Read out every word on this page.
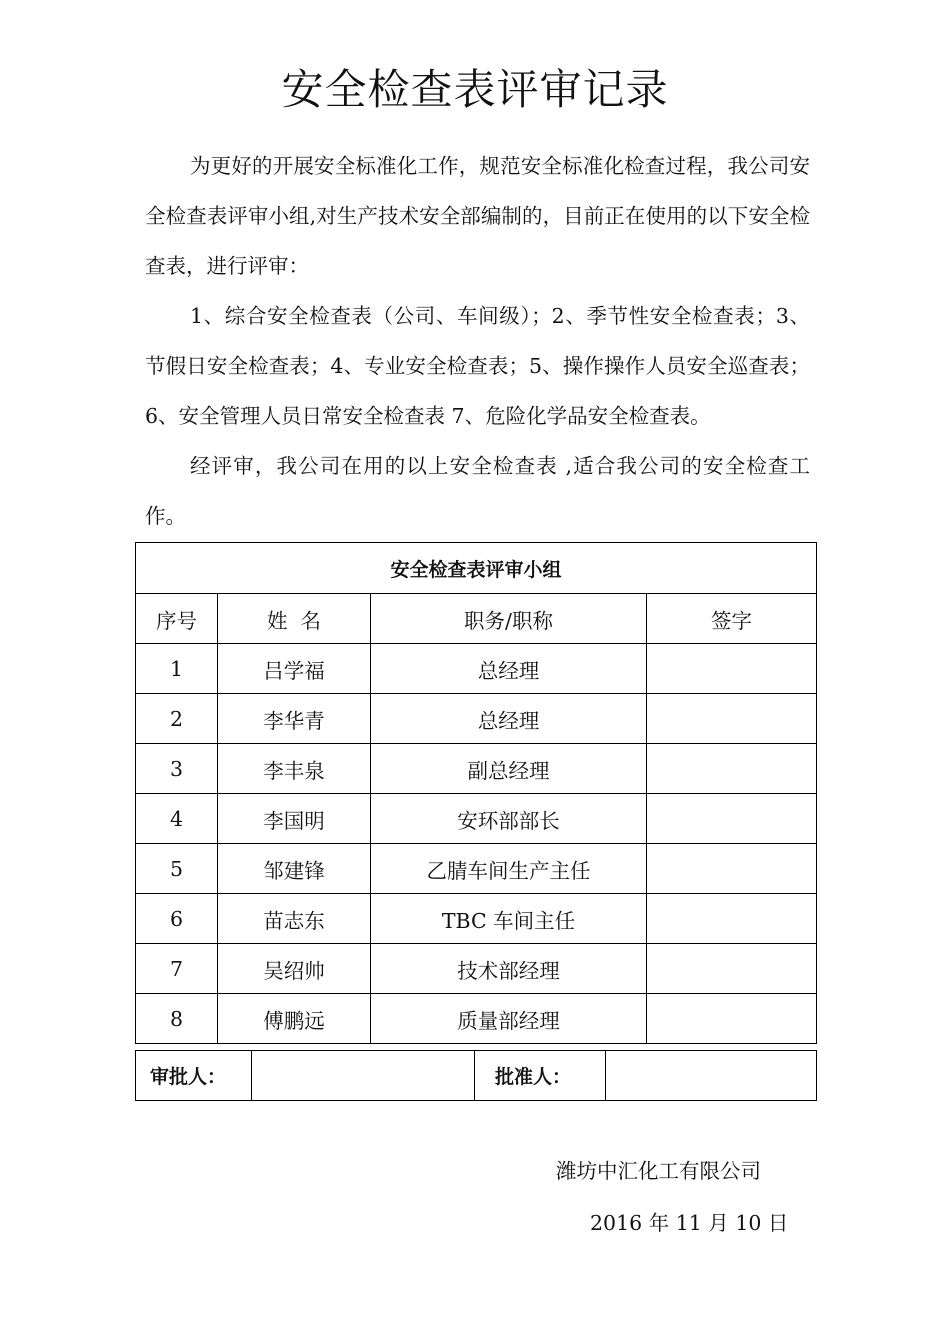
安全检查表评审记录

为更好的开展安全标准化工作，规范安全标准化检查过程，我公司安全检查表评审小组,对生产技术安全部编制的，目前正在使用的以下安全检查表，进行评审：

1、综合安全检查表（公司、车间级）；2、季节性安全检查表；3、节假日安全检查表；4、专业安全检查表；5、操作操作人员安全巡查表；6、安全管理人员日常安全检查表 7、危险化学品安全检查表。

经评审，我公司在用的以上安全检查表 ,适合我公司的安全检查工作。

安全检查表评审小组			
序号	姓  名	职务/职称	签字
1	吕学福	总经理	
2	李华青	总经理	
3	李丰泉	副总经理	
4	李国明	安环部部长	
5	邹建锋	乙腈车间生产主任	
6	苗志东	TBC 车间主任	
7	吴绍帅	技术部经理	
8	傅鹏远	质量部经理	
审批人：		批准人：	
潍坊中汇化工有限公司
2016 年 11 月 10 日
